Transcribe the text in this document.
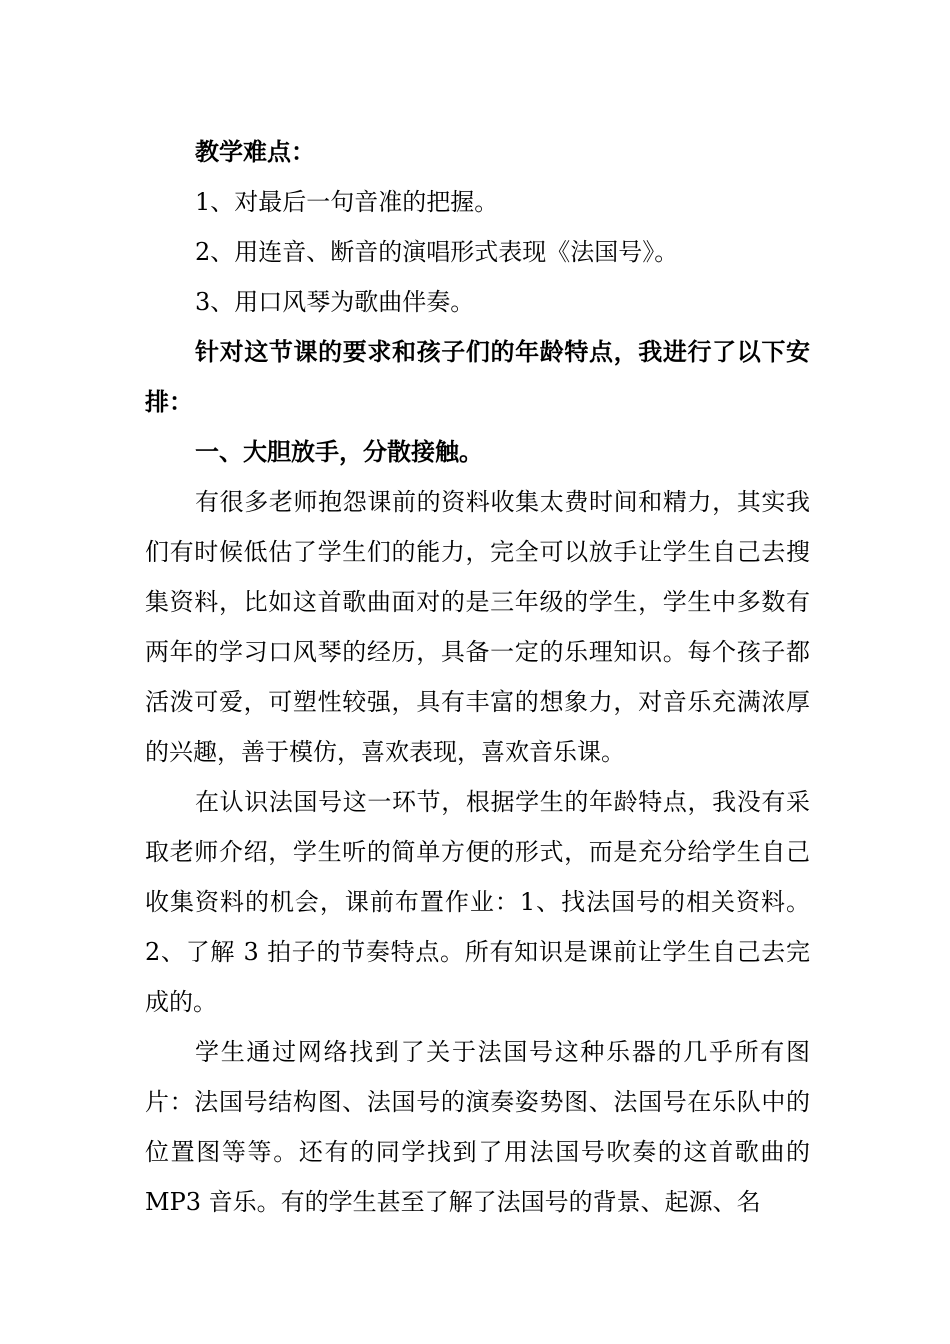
教学难点：

1、对最后一句音准的把握。

2、用连音、断音的演唱形式表现《法国号》。

3、用口风琴为歌曲伴奏。

针对这节课的要求和孩子们的年龄特点，我进行了以下安排：

一、大胆放手，分散接触。

有很多老师抱怨课前的资料收集太费时间和精力，其实我们有时候低估了学生们的能力，完全可以放手让学生自己去搜集资料，比如这首歌曲面对的是三年级的学生，学生中多数有两年的学习口风琴的经历，具备一定的乐理知识。每个孩子都活泼可爱，可塑性较强，具有丰富的想象力，对音乐充满浓厚的兴趣，善于模仿，喜欢表现，喜欢音乐课。

在认识法国号这一环节，根据学生的年龄特点，我没有采取老师介绍，学生听的简单方便的形式，而是充分给学生自己收集资料的机会，课前布置作业：1、找法国号的相关资料。2、了解 3 拍子的节奏特点。所有知识是课前让学生自己去完成的。

学生通过网络找到了关于法国号这种乐器的几乎所有图片：法国号结构图、法国号的演奏姿势图、法国号在乐队中的位置图等等。还有的同学找到了用法国号吹奏的这首歌曲的 MP3 音乐。有的学生甚至了解了法国号的背景、起源、名
